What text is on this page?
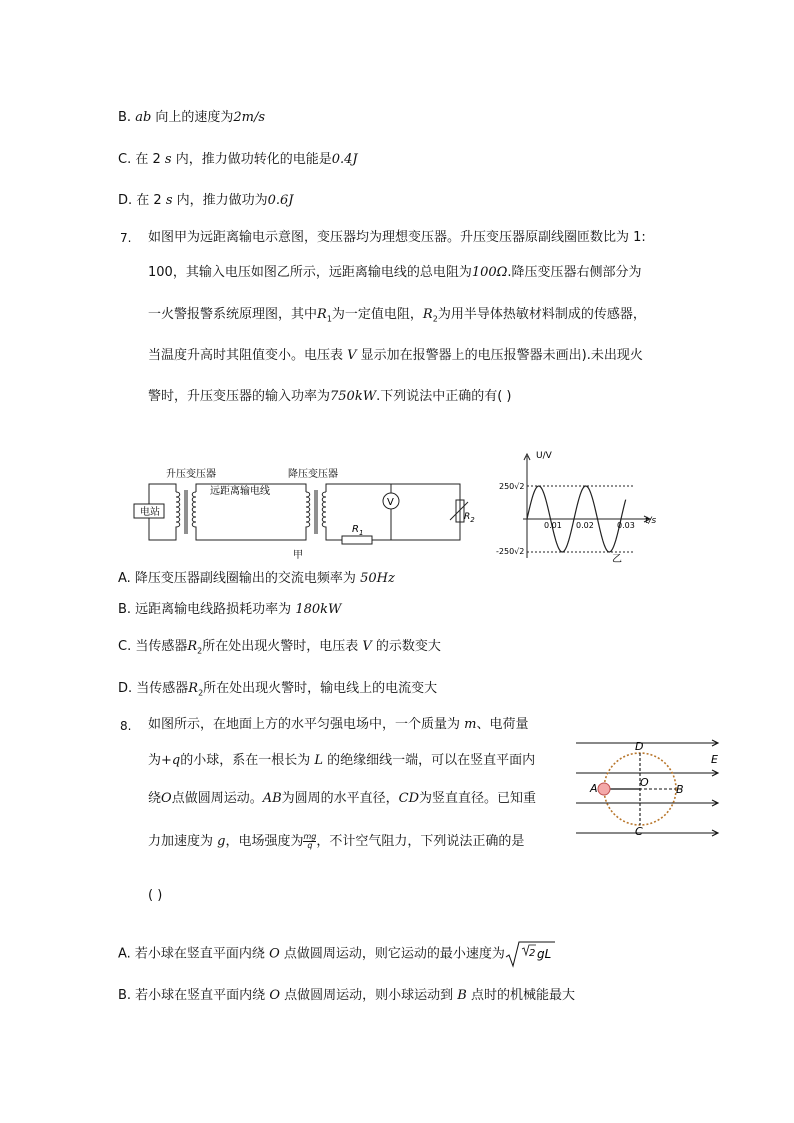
B. ab 向上的速度为2m/s
C. 在 2 s 内，推力做功转化的电能是0.4J
D. 在 2 s 内，推力做功为0.6J
7. 如图甲为远距离输电示意图，变压器均为理想变压器。升压变压器原副线圈匝数比为 1:
100，其输入电压如图乙所示，远距离输电线的总电阻为100Ω.降压变压器右侧部分为
一火警报警系统原理图，其中$R_1$为一定值电阻，$R_2$为用半导体热敏材料制成的传感器，
当温度升高时其阻值变小。电压表 V 显示加在报警器上的电压报警器未画出).未出现火
警时，升压变压器的输入功率为750kW.下列说法中正确的有( )
电站
升压变压器	降压变压器
远距离输电线
V
$R_1$
$R_2$
甲
U/V
t/s
250√2
-250√2
0.01 0.02	0.03
乙
A. 降压变压器副线圈输出的交流电频率为 50Hz
B. 远距离输电线路损耗功率为 180kW
C. 当传感器$R_2$所在处出现火警时，电压表 V 的示数变大
D. 当传感器$R_2$所在处出现火警时，输电线上的电流变大
8. 如图所示，在地面上方的水平匀强电场中，一个质量为 m、电荷量
为+q的小球，系在一根长为 L 的绝缘细线一端，可以在竖直平面内
绕O点做圆周运动。AB为圆周的水平直径，CD为竖直直径。已知重
力加速度为 g，电场强度为 $\frac{mg}{q}$，不计空气阻力，下列说法正确的是
( )
D
E
A	O
B
C
A. 若小球在竖直平面内绕 O 点做圆周运动，则它运动的最小速度为 2 gL
B. 若小球在竖直平面内绕 O 点做圆周运动，则小球运动到 B 点时的机械能最大
